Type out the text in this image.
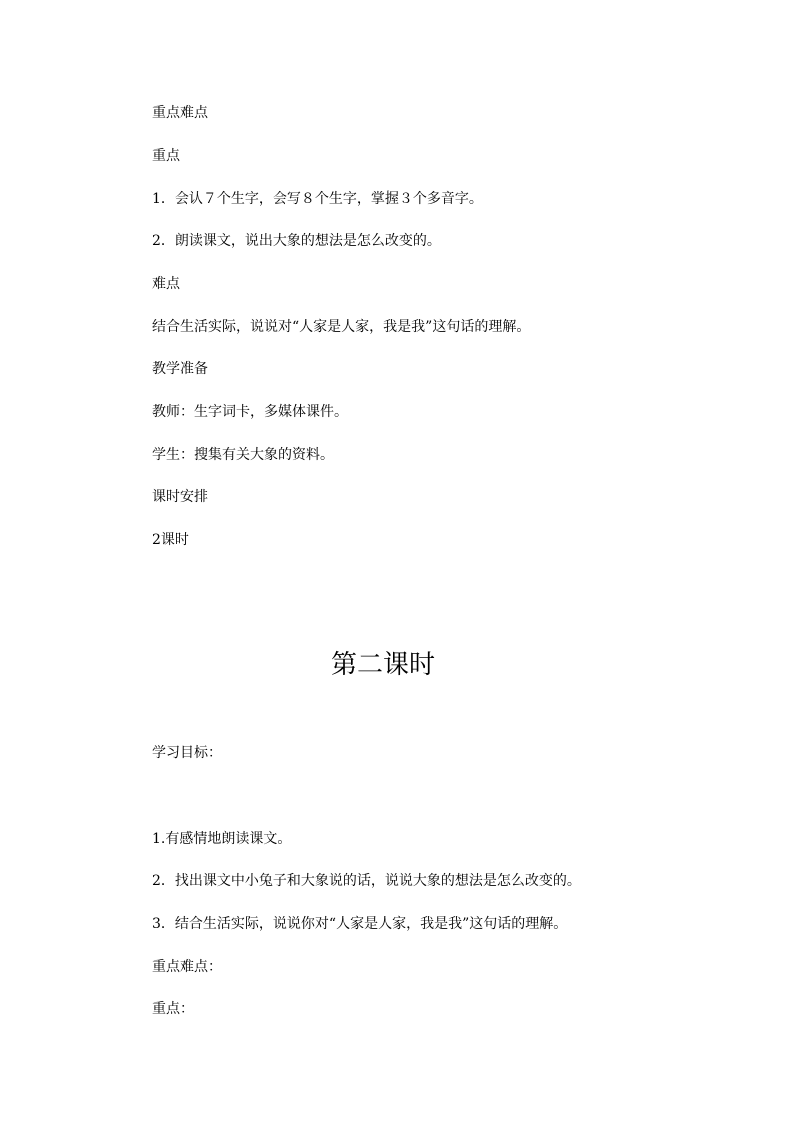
重点难点
重点
1．会认７个生字，会写８个生字，掌握３个多音字。
2．朗读课文，说出大象的想法是怎么改变的。
难点
结合生活实际，说说对“人家是人家，我是我”这句话的理解。
教学准备
教师：生字词卡，多媒体课件。
学生：搜集有关大象的资料。
课时安排
2课时
第二课时
学习目标：
1.有感情地朗读课文。
2．找出课文中小兔子和大象说的话，说说大象的想法是怎么改变的。
3．结合生活实际，说说你对“人家是人家，我是我”这句话的理解。
重点难点：
重点：
